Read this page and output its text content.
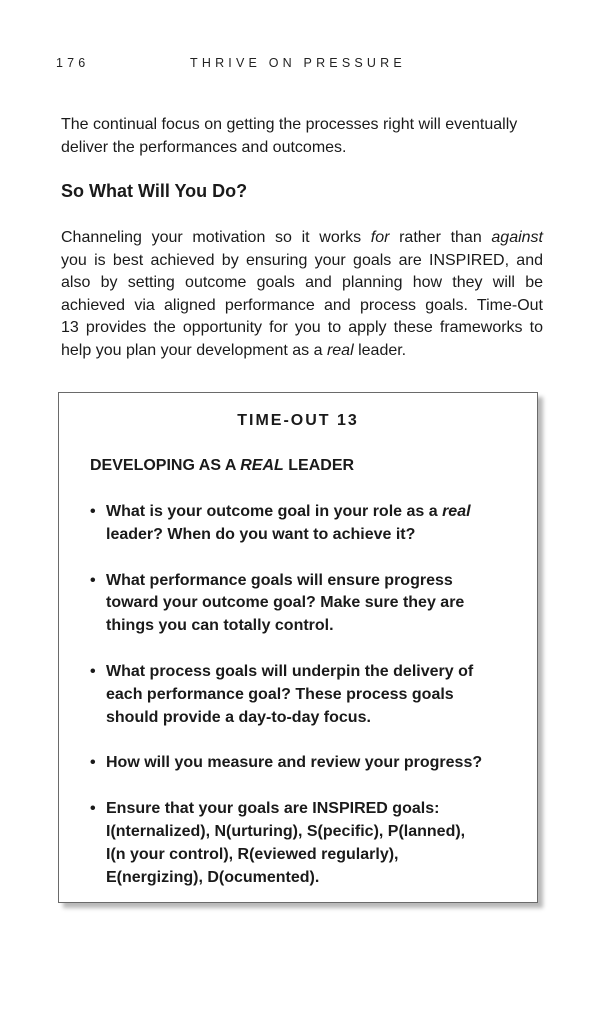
176	THRIVE ON PRESSURE

The continual focus on getting the processes right will eventually
deliver the performances and outcomes.

So What Will You Do?

Channeling your motivation so it works for rather than against
you is best achieved by ensuring your goals are INSPIRED, and
also by setting outcome goals and planning how they will be
achieved via aligned performance and process goals. Time-Out
13 provides the opportunity for you to apply these frameworks to
help you plan your development as a real leader.

TIME-OUT 13
DEVELOPING AS A REAL LEADER
• What is your outcome goal in your role as a real
leader? When do you want to achieve it?
• What performance goals will ensure progress
toward your outcome goal? Make sure they are
things you can totally control.
• What process goals will underpin the delivery of
each performance goal? These process goals
should provide a day-to-day focus.
• How will you measure and review your progress?
• Ensure that your goals are INSPIRED goals:
I(nternalized), N(urturing), S(pecific), P(lanned),
I(n your control), R(eviewed regularly),
E(nergizing), D(ocumented).
